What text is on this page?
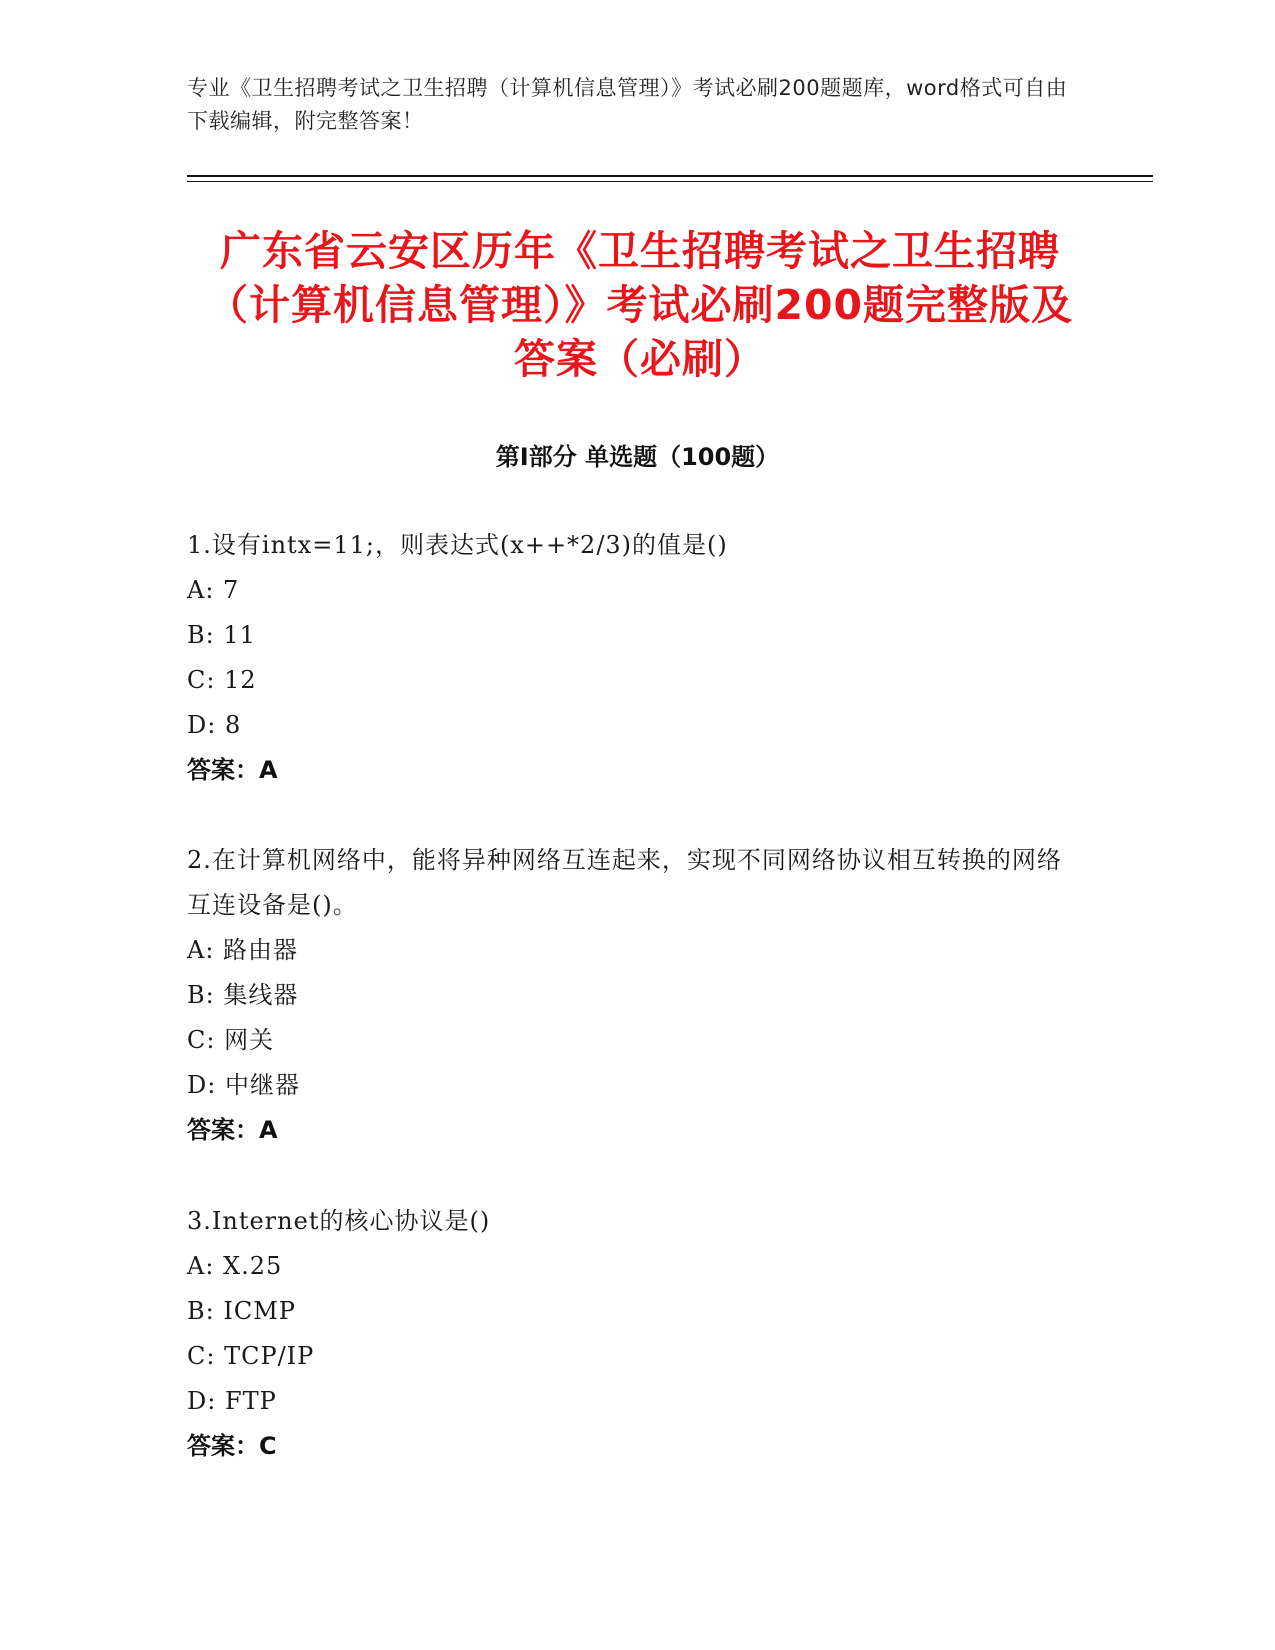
专业《卫生招聘考试之卫生招聘（计算机信息管理）》考试必刷200题题库，word格式可自由下载编辑，附完整答案！
广东省云安区历年《卫生招聘考试之卫生招聘（计算机信息管理）》考试必刷200题完整版及答案（必刷）
第Ⅰ部分 单选题（100题）

1.设有intx=11;，则表达式(x++*2/3)的值是()

A: 7

B: 11

C: 12

D: 8

答案：A

2.在计算机网络中，能将异种网络互连起来，实现不同网络协议相互转换的网络互连设备是()。

A: 路由器

B: 集线器

C: 网关

D: 中继器

答案：A

3.Internet的核心协议是()

A: X.25

B: ICMP

C: TCP/IP

D: FTP

答案：C
